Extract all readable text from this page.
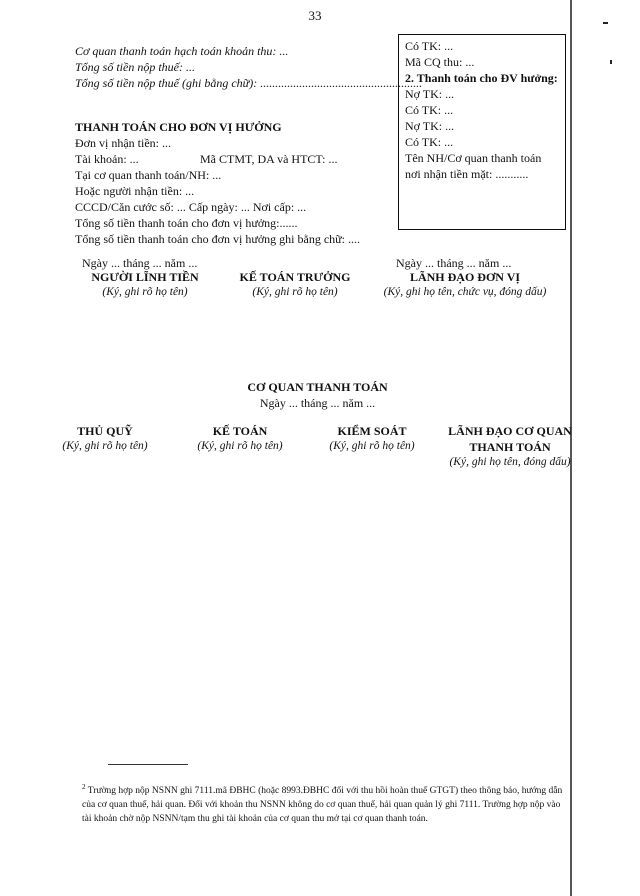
33
Cơ quan thanh toán hạch toán khoản thu: ...
Tổng số tiền nộp thuế: ...
Tổng số tiền nộp thuế (ghi bằng chữ): ......................................................
Có TK: ...
Mã CQ thu: ...
2. Thanh toán cho ĐV hưởng:
Nợ TK: ...
Có TK: ...
Nợ TK: ...
Có TK: ...
Tên NH/Cơ quan thanh toán
nơi nhận tiền mặt: ...........
THANH TOÁN CHO ĐƠN VỊ HƯỞNG
Đơn vị nhận tiền: ...
Tài khoản: ...	Mã CTMT, DA và HTCT: ...
Tại cơ quan thanh toán/NH: ...
Hoặc người nhận tiền: ...
CCCD/Căn cước số: ... Cấp ngày: ... Nơi cấp: ...
Tổng số tiền thanh toán cho đơn vị hưởng:......
Tổng số tiền thanh toán cho đơn vị hưởng ghi bằng chữ: ....
Ngày ... tháng ... năm ...	Ngày ... tháng ... năm ...
NGƯỜI LĨNH TIỀN
(Ký, ghi rõ họ tên)
KẾ TOÁN TRƯỞNG
(Ký, ghi rõ họ tên)
LÃNH ĐẠO ĐƠN VỊ
(Ký, ghi họ tên, chức vụ, đóng dấu)
CƠ QUAN THANH TOÁN
Ngày ... tháng ... năm ...
THỦ QUỸ
(Ký, ghi rõ họ tên)
KẾ TOÁN
(Ký, ghi rõ họ tên)
KIỂM SOÁT
(Ký, ghi rõ họ tên)
LÃNH ĐẠO CƠ QUAN
THANH TOÁN
(Ký, ghi họ tên, đóng dấu)
$^2$ Trường hợp nộp NSNN ghi 7111.mã ĐBHC (hoặc 8993.ĐBHC đối với thu hồi hoàn thuế GTGT) theo thông báo, hướng dẫn của cơ quan thuế, hải quan. Đối với khoản thu NSNN không do cơ quan thuế, hải quan quản lý ghi 7111. Trường hợp nộp vào tài khoản chờ nộp NSNN/tạm thu ghi tài khoản của cơ quan thu mở tại cơ quan thanh toán.
